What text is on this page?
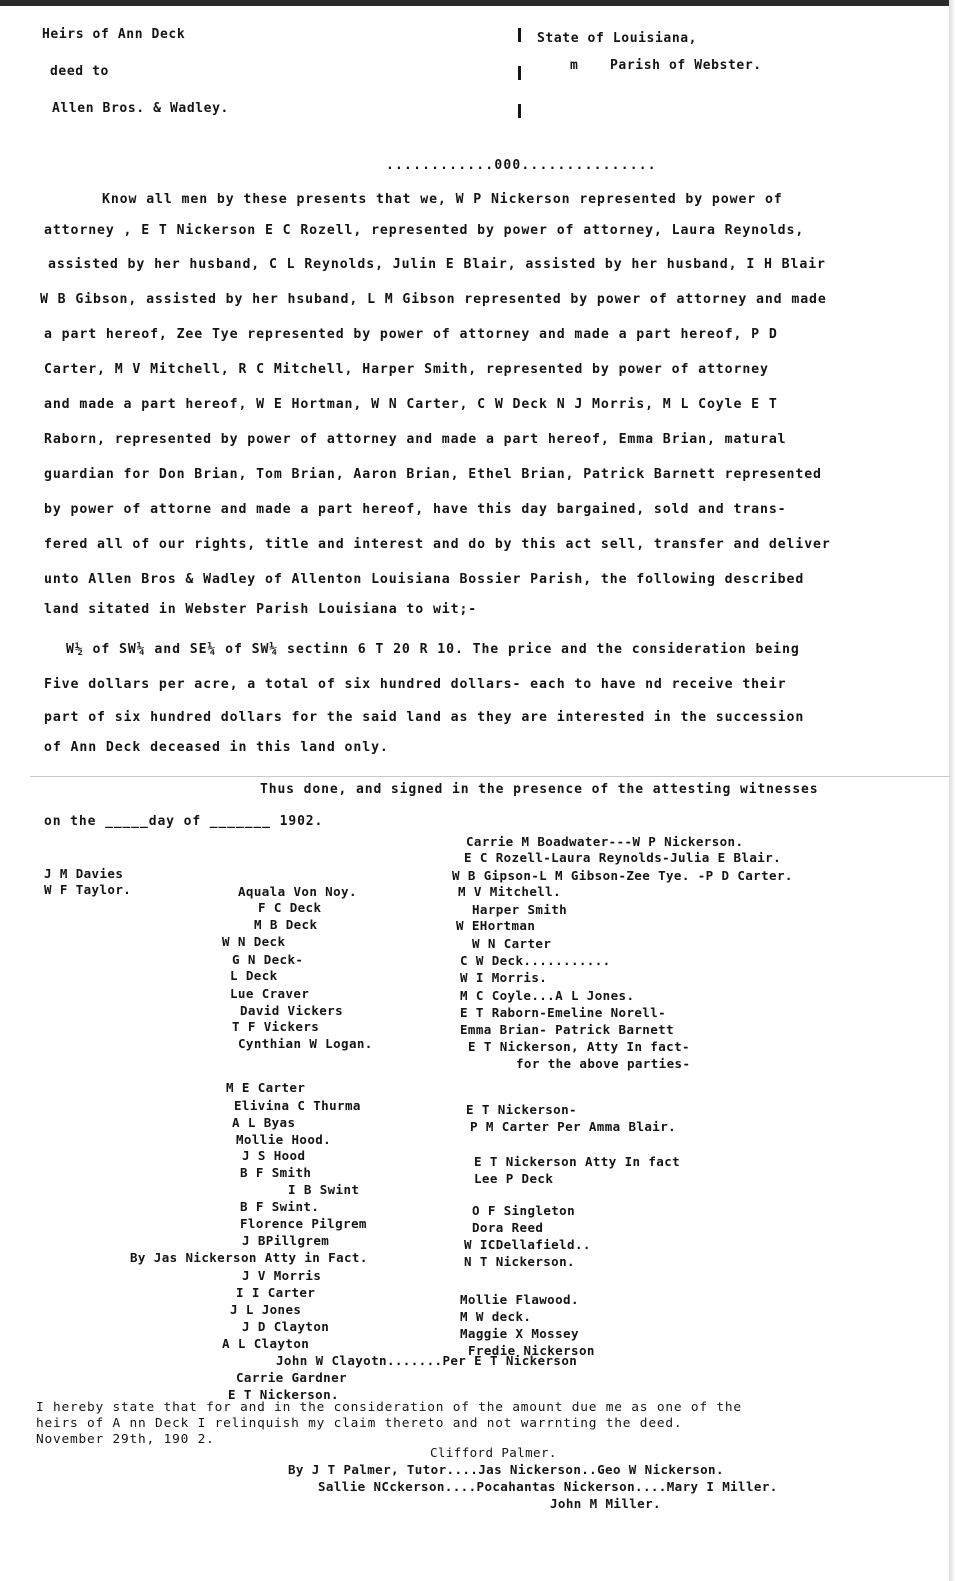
Heirs of Ann Deck
deed to
Allen Bros. & Wadley.
State of Louisiana,
m Parish of Webster.
............000...............
Know all men by these presents that we, W P Nickerson represented by power of
attorney , E T Nickerson E C Rozell, represented by power of attorney, Laura Reynolds,
assisted by her husband, C L Reynolds, Julin E Blair, assisted by her husband, I H Blair
W B Gibson, assisted by her hsuband, L M Gibson represented by power of attorney and made
a part hereof, Zee Tye represented by power of attorney and made a part hereof, P D
Carter, M V Mitchell, R C Mitchell, Harper Smith, represented by power of attorney
and made a part hereof, W E Hortman, W N Carter, C W Deck N J Morris, M L Coyle E T
Raborn, represented by power of attorney and made a part hereof, Emma Brian, matural
guardian for Don Brian, Tom Brian, Aaron Brian, Ethel Brian, Patrick Barnett represented
by power of attorne and made a part hereof, have this day bargained, sold and trans-
fered all of our rights, title and interest and do by this act sell, transfer and deliver
unto Allen Bros & Wadley of Allenton Louisiana Bossier Parish, the following described
land sitated in Webster Parish Louisiana to wit;-
W½ of SW¼ and SE¼ of SW¼ sectinn 6 T 20 R 10. The price and the consideration being
Five dollars per acre, a total of six hundred dollars- each to have nd receive their
part of six hundred dollars for the said land as they are interested in the succession
of Ann Deck deceased in this land only.
Thus done, and signed in the presence of the attesting witnesses
on the _____day of _______ 1902.
J M Davies
W F Taylor.	Aquala Von Noy.
F C Deck
M B Deck
W N Deck
G N Deck-
L Deck
Lue Craver
David Vickers
T F Vickers
Cynthian W Logan.
M E Carter
Elivina C Thurma
A L Byas
Mollie Hood.
J S Hood
B F Smith
I B Swint
B F Swint.
Florence Pilgrem
J BPillgrem
By Jas Nickerson Atty in Fact.
J V Morris
I I Carter
J L Jones
J D Clayton
A L Clayton
John W Clayotn.......Per E T Nickerson
Carrie Gardner
E T Nickerson.
Carrie M Boadwater---W P Nickerson.
E C Rozell-Laura Reynolds-Julia E Blair.
W B Gipson-L M Gibson-Zee Tye. -P D Carter.
M V Mitchell.
Harper Smith
W EHortman
W N Carter
C W Deck...........
W I Morris.
M C Coyle...A L Jones.
E T Raborn-Emeline Norell-
Emma Brian- Patrick Barnett
E T Nickerson, Atty In fact-
for the above parties-
E T Nickerson-
P M Carter Per Amma Blair.
E T Nickerson Atty In fact
Lee P Deck
O F Singleton
Dora Reed
W ICDellafield..
N T Nickerson.
Mollie Flawood.
M W deck.
Maggie X Mossey
Fredie Nickerson
I hereby state that for and in the consideration of the amount due me as one of the
heirs of A nn Deck I relinquish my claim thereto and not warrnting the deed.
November 29th, 190 2.
Clifford Palmer.
By J T Palmer, Tutor....Jas Nickerson..Geo W Nickerson.
Sallie NCckerson....Pocahantas Nickerson....Mary I Miller.
John M Miller.
